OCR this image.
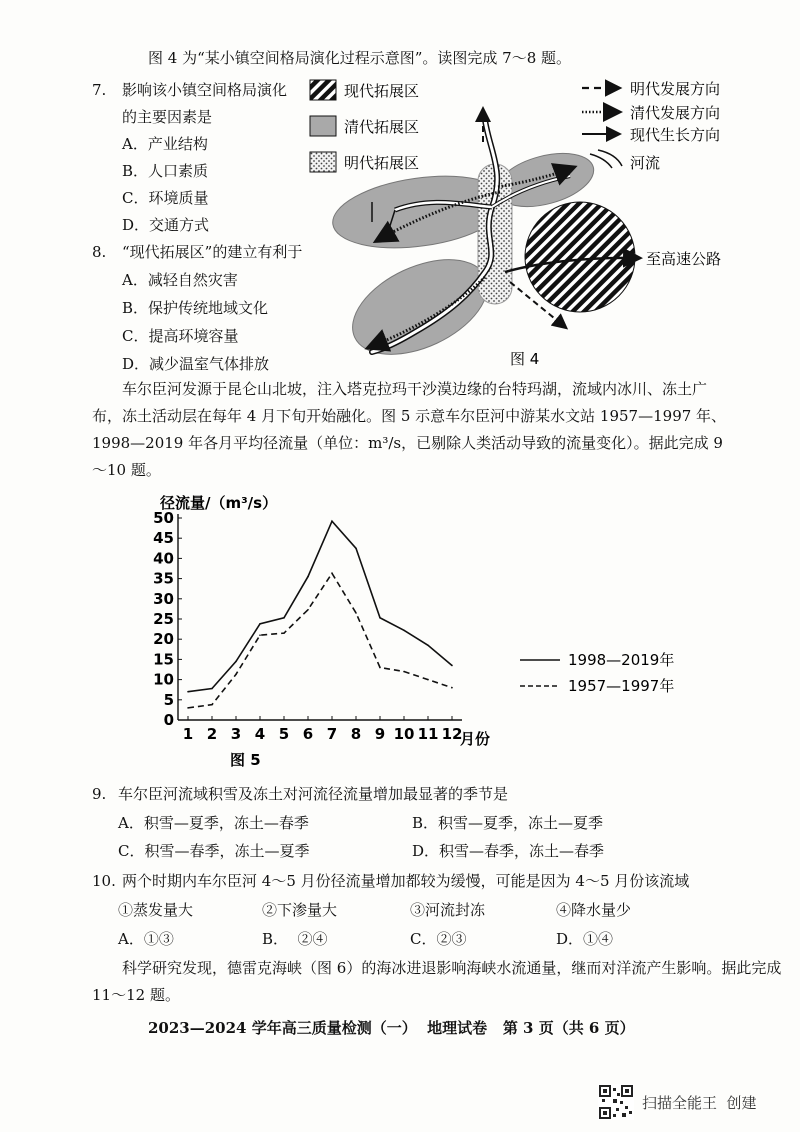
图 4 为“某小镇空间格局演化过程示意图”。读图完成 7～8 题。
7. 影响该小镇空间格局演化
的主要因素是
A．产业结构
B．人口素质
C．环境质量
D．交通方式
8. “现代拓展区”的建立有利于
A．减轻自然灾害
B．保护传统地域文化
C．提高环境容量
D．减少温室气体排放
现代拓展区
清代拓展区
明代拓展区
明代发展方向
清代发展方向
现代生长方向
河流
至高速公路
图 4
车尔臣河发源于昆仑山北坡，注入塔克拉玛干沙漠边缘的台特玛湖，流域内冰川、冻土广布，冻土活动层在每年 4 月下旬开始融化。图 5 示意车尔臣河中游某水文站 1957—1997 年、1998—2019 年各月平均径流量（单位：m³/s，已剔除人类活动导致的流量变化）。据此完成 9～10 题。
径流量/（m³/s）
0
5
10
15
20
25
30
35
40
45
50
1 2 3 4 5 6 7 8 9 10 11 12
1998—2019年
1957—1997年
月份
图 5
9. 车尔臣河流域积雪及冻土对河流径流量增加最显著的季节是
A．积雪—夏季，冻土—春季	B．积雪—夏季，冻土—夏季
C．积雪—春季，冻土—夏季	D．积雪—春季，冻土—春季
10. 两个时期内车尔臣河 4～5 月份径流量增加都较为缓慢，可能是因为 4～5 月份该流域
①蒸发量大	②下渗量大	③河流封冻	④降水量少
A．①③	B．  ②④	C．②③	D．①④
科学研究发现，德雷克海峡（图 6）的海冰进退影响海峡水流通量，继而对洋流产生影响。据此完成 11～12 题。
2023—2024 学年高三质量检测（一）  地理试卷   第 3 页（共 6 页）
扫描全能王  创建
